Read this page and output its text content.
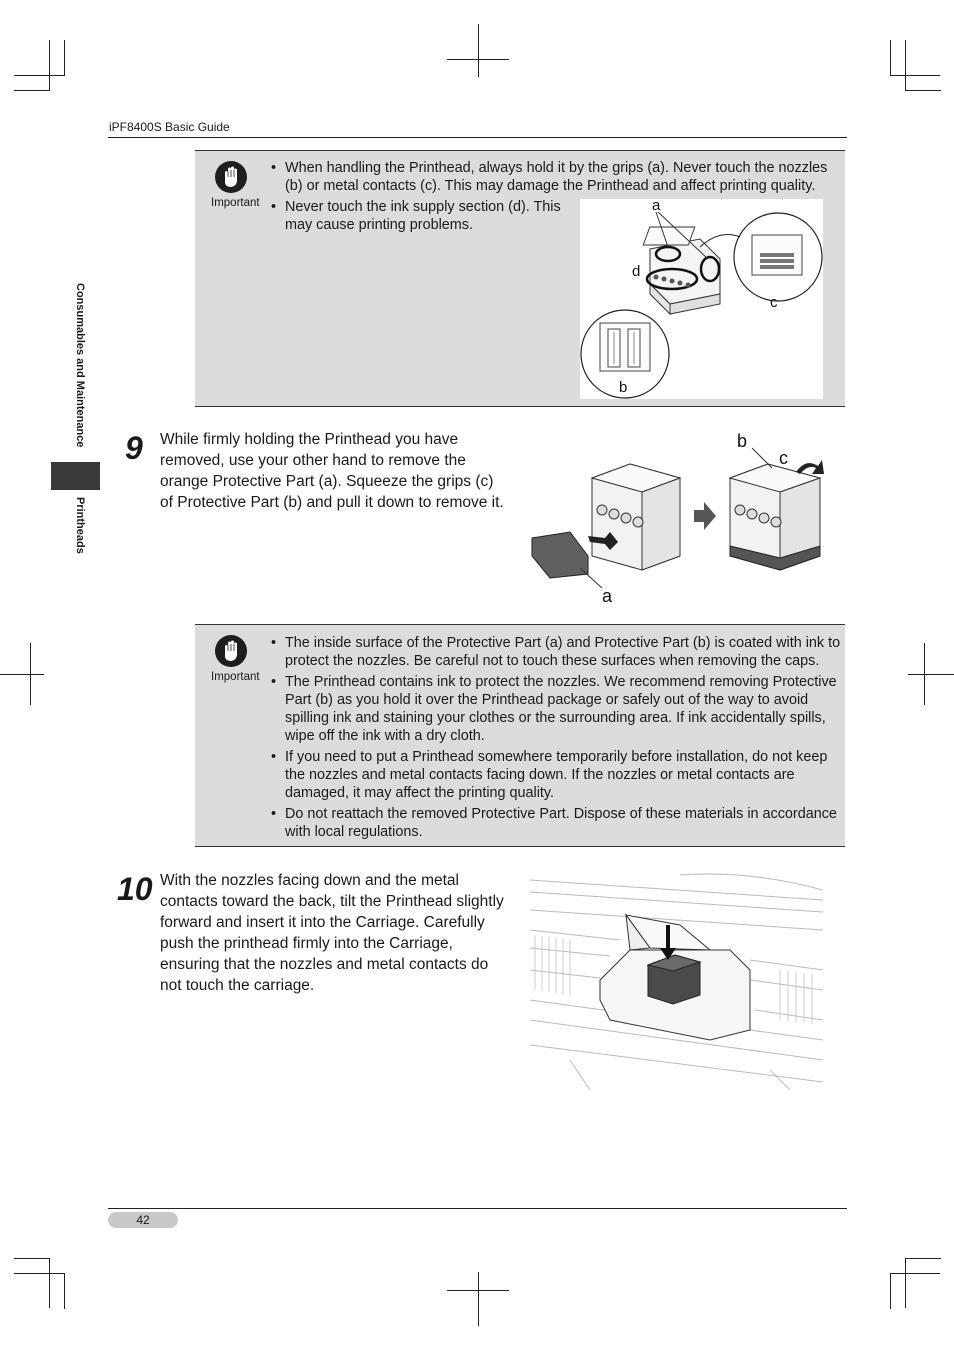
iPF8400S Basic Guide
Consumables and Maintenance
Printheads
Important
• When handling the Printhead, always hold it by the grips (a). Never touch the nozzles (b) or metal contacts (c). This may damage the Printhead and affect printing quality.
• Never touch the ink supply section (d). This may cause printing problems.
a
d
c
b
9 While firmly holding the Printhead you have removed, use your other hand to remove the orange Protective Part (a). Squeeze the grips (c) of Protective Part (b) and pull it down to remove it.
a
b
c
Important
• The inside surface of the Protective Part (a) and Protective Part (b) is coated with ink to protect the nozzles. Be careful not to touch these surfaces when removing the caps.
• The Printhead contains ink to protect the nozzles. We recommend removing Protective Part (b) as you hold it over the Printhead package or safely out of the way to avoid spilling ink and staining your clothes or the surrounding area. If ink accidentally spills, wipe off the ink with a dry cloth.
• If you need to put a Printhead somewhere temporarily before installation, do not keep the nozzles and metal contacts facing down. If the nozzles or metal contacts are damaged, it may affect the printing quality.
• Do not reattach the removed Protective Part. Dispose of these materials in accordance with local regulations.
10 With the nozzles facing down and the metal contacts toward the back, tilt the Printhead slightly forward and insert it into the Carriage. Carefully push the printhead firmly into the Carriage, ensuring that the nozzles and metal contacts do not touch the carriage.
42
